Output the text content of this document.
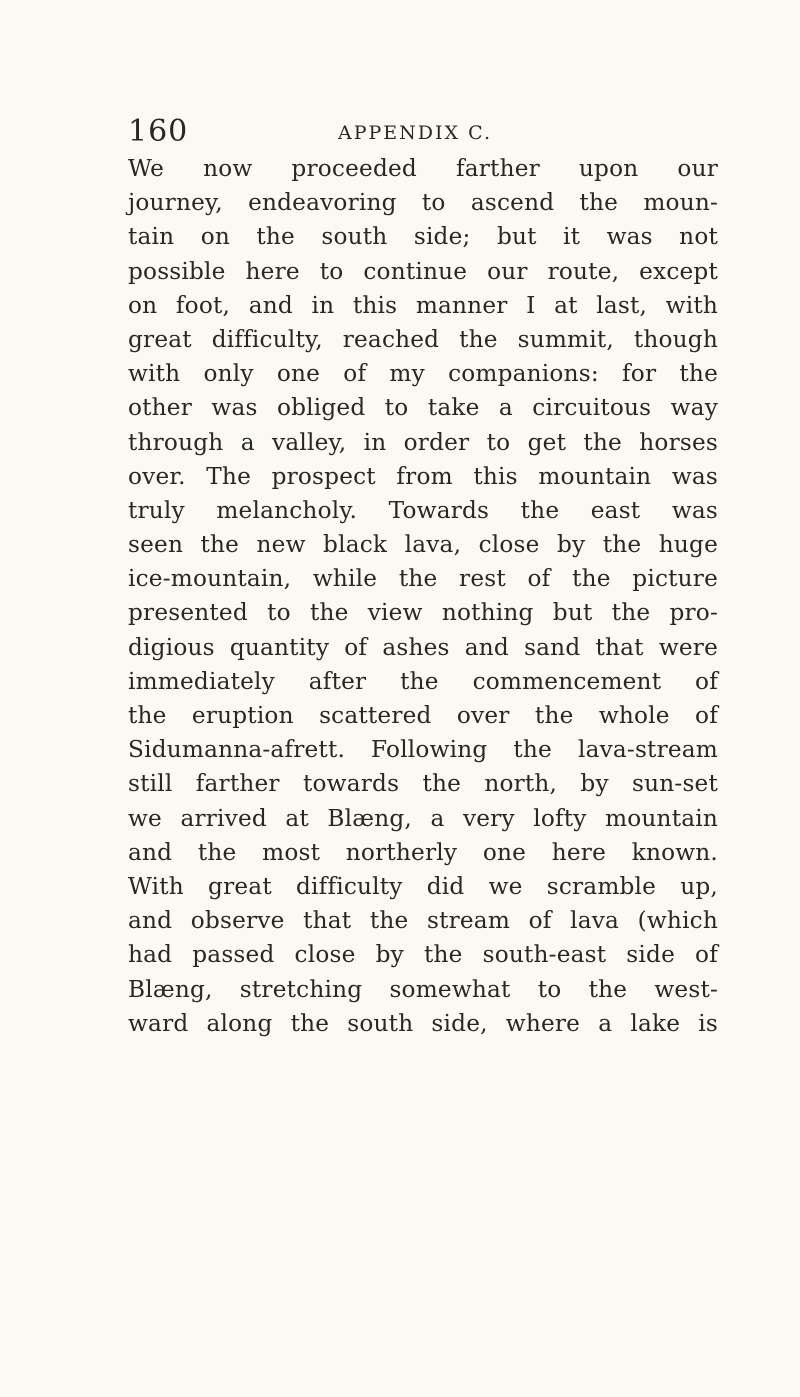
160	APPENDIX C.
We now proceeded farther upon our
journey, endeavoring to ascend the moun-
tain on the south side; but it was not
possible here to continue our route, except
on foot, and in this manner I at last, with
great difficulty, reached the summit, though
with only one of my companions: for the
other was obliged to take a circuitous way
through a valley, in order to get the horses
over. The prospect from this mountain was
truly melancholy. Towards the east was
seen the new black lava, close by the huge
ice-mountain, while the rest of the picture
presented to the view nothing but the pro-
digious quantity of ashes and sand that were
immediately after the commencement of
the eruption scattered over the whole of
Sidumanna-afrett. Following the lava-stream
still farther towards the north, by sun-set
we arrived at Blæng, a very lofty mountain
and the most northerly one here known.
With great difficulty did we scramble up,
and observe that the stream of lava (which
had passed close by the south-east side of
Blæng, stretching somewhat to the west-
ward along the south side, where a lake is
